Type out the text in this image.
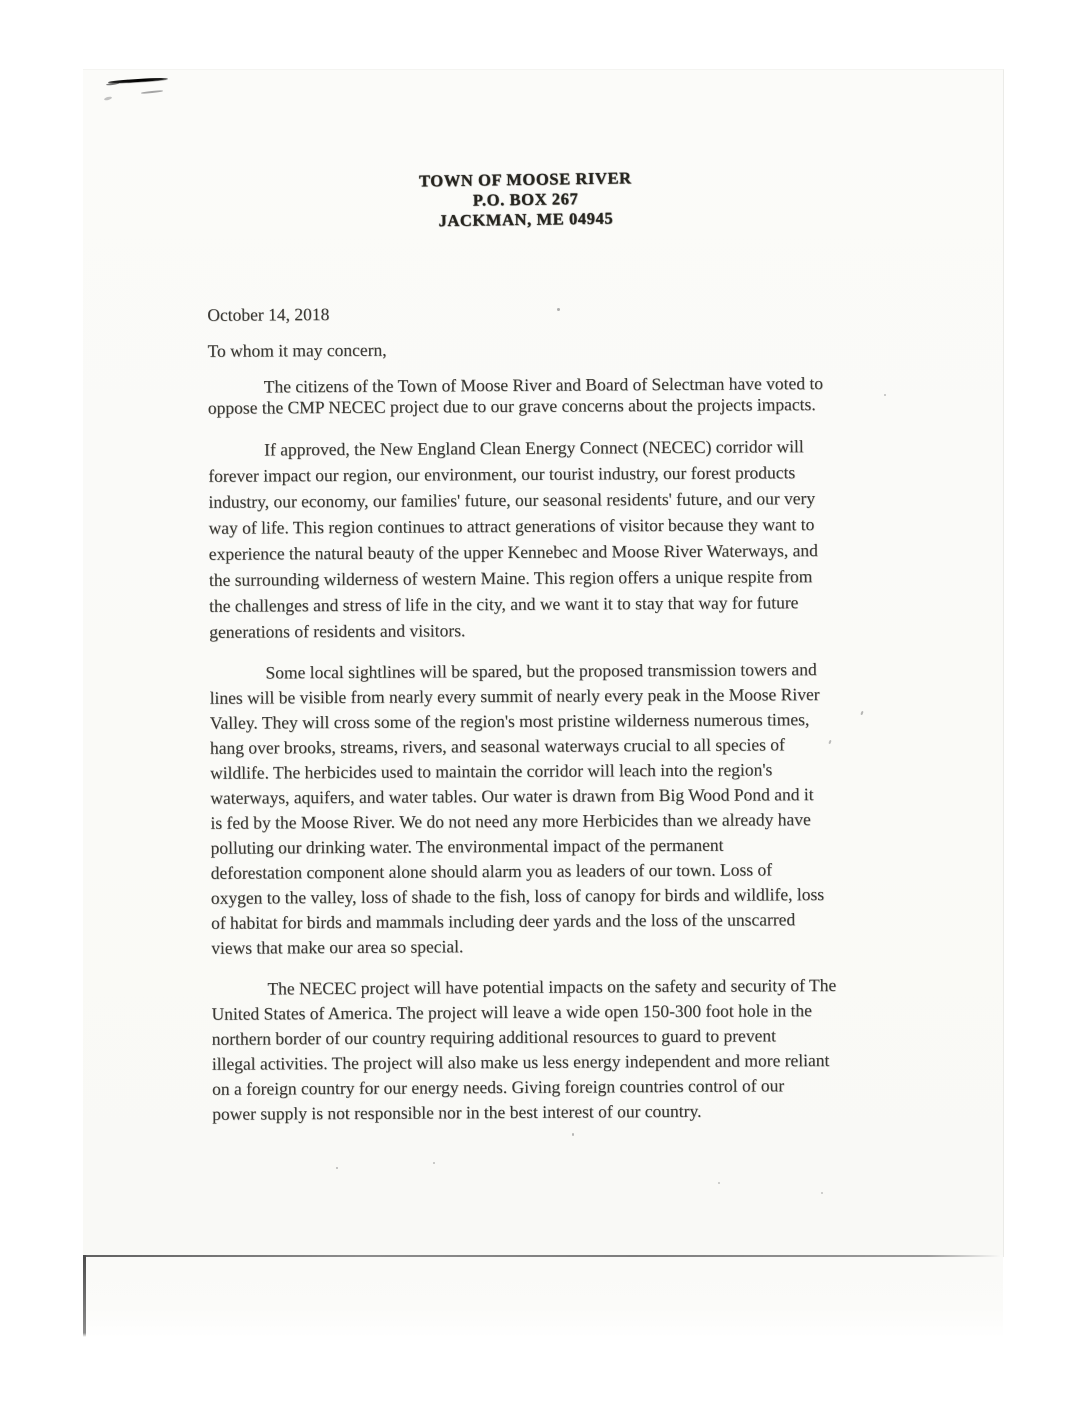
TOWN OF MOOSE RIVER
P.O. BOX 267
JACKMAN, ME 04945
October 14, 2018
To whom it may concern,
The citizens of the Town of Moose River and Board of Selectman have voted to
oppose the CMP NECEC project due to our grave concerns about the projects impacts.
If approved, the New England Clean Energy Connect (NECEC) corridor will
forever impact our region, our environment, our tourist industry, our forest products
industry, our economy, our families' future, our seasonal residents' future, and our very
way of life. This region continues to attract generations of visitor because they want to
experience the natural beauty of the upper Kennebec and Moose River Waterways, and
the surrounding wilderness of western Maine. This region offers a unique respite from
the challenges and stress of life in the city, and we want it to stay that way for future
generations of residents and visitors.
Some local sightlines will be spared, but the proposed transmission towers and
lines will be visible from nearly every summit of nearly every peak in the Moose River
Valley. They will cross some of the region's most pristine wilderness numerous times,
hang over brooks, streams, rivers, and seasonal waterways crucial to all species of
wildlife. The herbicides used to maintain the corridor will leach into the region's
waterways, aquifers, and water tables. Our water is drawn from Big Wood Pond and it
is fed by the Moose River. We do not need any more Herbicides than we already have
polluting our drinking water. The environmental impact of the permanent
deforestation component alone should alarm you as leaders of our town. Loss of
oxygen to the valley, loss of shade to the fish, loss of canopy for birds and wildlife, loss
of habitat for birds and mammals including deer yards and the loss of the unscarred
views that make our area so special.
The NECEC project will have potential impacts on the safety and security of The
United States of America. The project will leave a wide open 150-300 foot hole in the
northern border of our country requiring additional resources to guard to prevent
illegal activities. The project will also make us less energy independent and more reliant
on a foreign country for our energy needs. Giving foreign countries control of our
power supply is not responsible nor in the best interest of our country.
